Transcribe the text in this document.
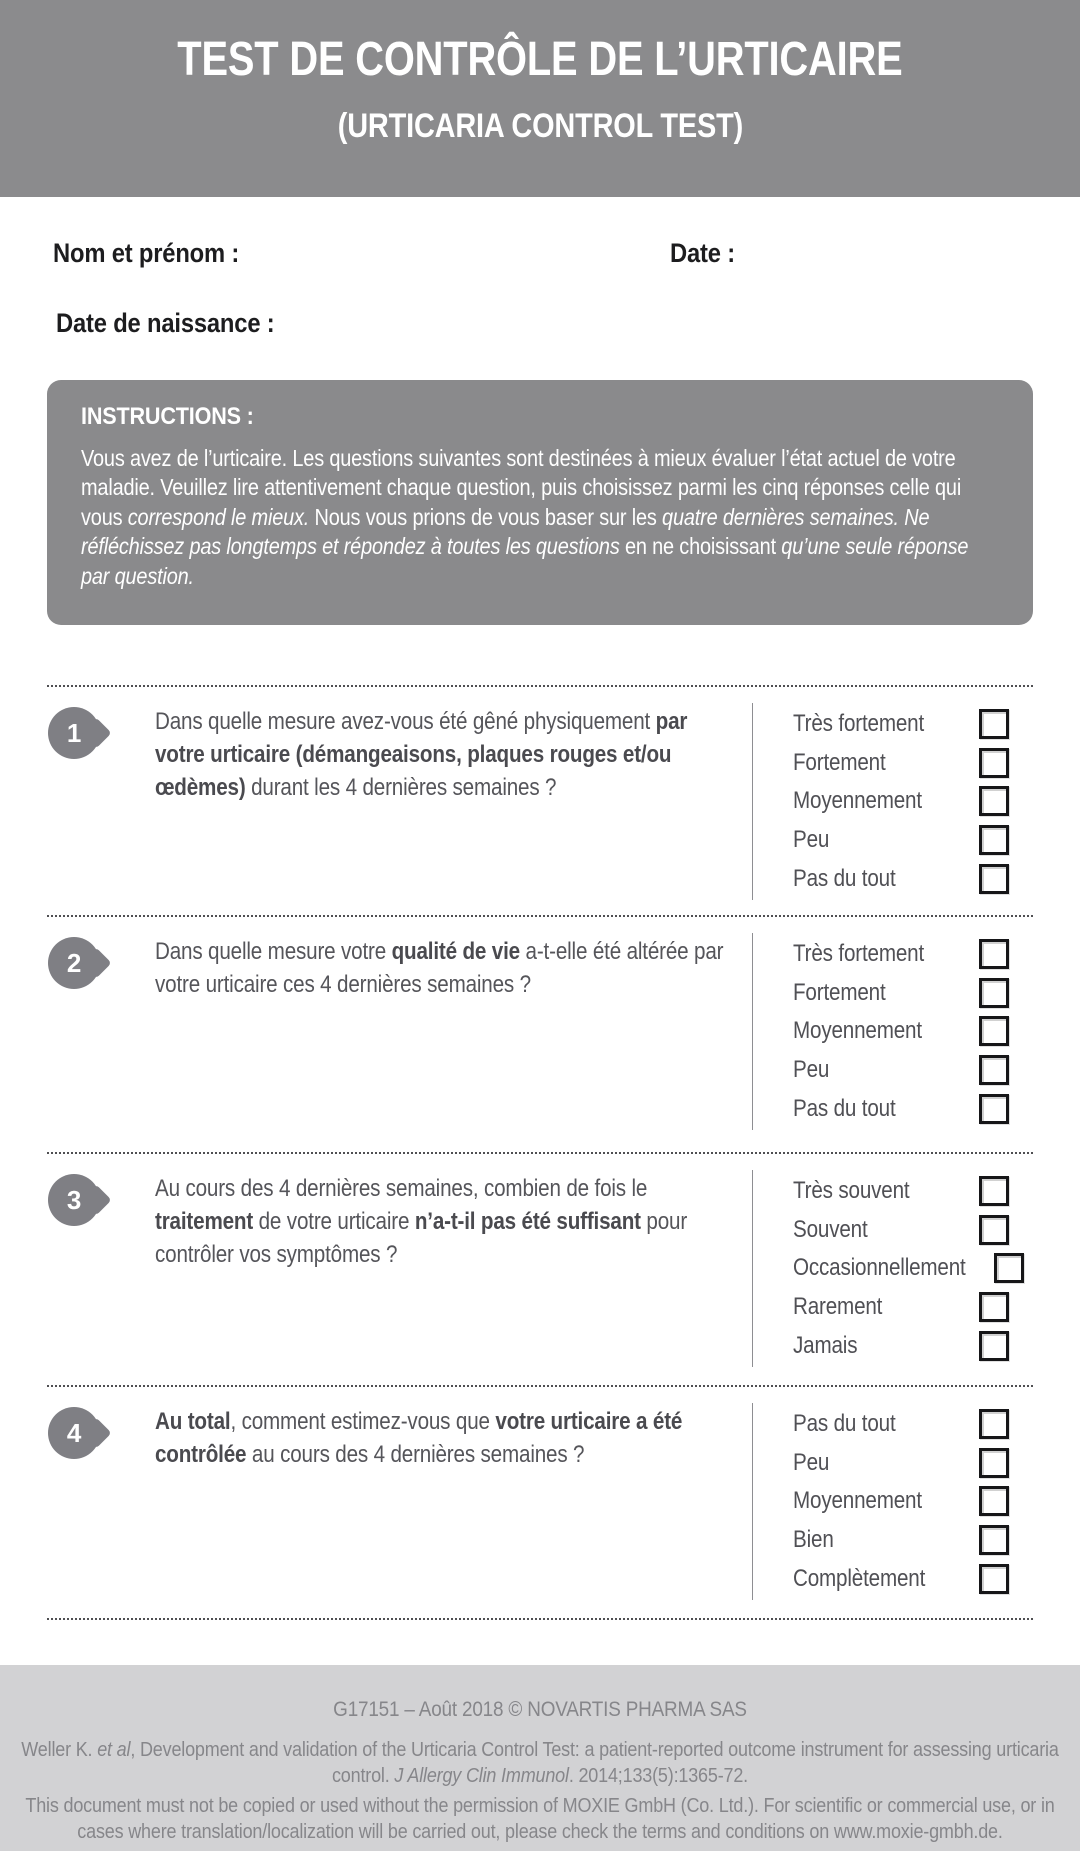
TEST DE CONTRÔLE DE L’URTICAIRE
(URTICARIA CONTROL TEST)
Nom et prénom :	Date :
Date de naissance :
INSTRUCTIONS :

Vous avez de l’urticaire. Les questions suivantes sont destinées à mieux évaluer l’état actuel de votre maladie. Veuillez lire attentivement chaque question, puis choisissez parmi les cinq réponses celle qui vous correspond le mieux. Nous vous prions de vous baser sur les quatre dernières semaines. Ne réfléchissez pas longtemps et répondez à toutes les questions en ne choisissant qu’une seule réponse par question.

1	Dans quelle mesure avez-vous été gêné physiquement par votre urticaire (démangeaisons, plaques rouges et/ou œdèmes) durant les 4 dernières semaines ?
Très fortement
Fortement
Moyennement
Peu
Pas du tout
2	Dans quelle mesure votre qualité de vie a-t-elle été altérée par votre urticaire ces 4 dernières semaines ?
Très fortement
Fortement
Moyennement
Peu
Pas du tout
3	Au cours des 4 dernières semaines, combien de fois le traitement de votre urticaire n’a-t-il pas été suffisant pour contrôler vos symptômes ?
Très souvent
Souvent
Occasionnellement
Rarement
Jamais
4	Au total, comment estimez-vous que votre urticaire a été contrôlée au cours des 4 dernières semaines ?
Pas du tout
Peu
Moyennement
Bien
Complètement

G17151 – Août 2018 © NOVARTIS PHARMA SAS

Weller K. et al, Development and validation of the Urticaria Control Test: a patient-reported outcome instrument for assessing urticaria control. J Allergy Clin Immunol. 2014;133(5):1365-72.

This document must not be copied or used without the permission of MOXIE GmbH (Co. Ltd.). For scientific or commercial use, or in cases where translation/localization will be carried out, please check the terms and conditions on www.moxie-gmbh.de.
